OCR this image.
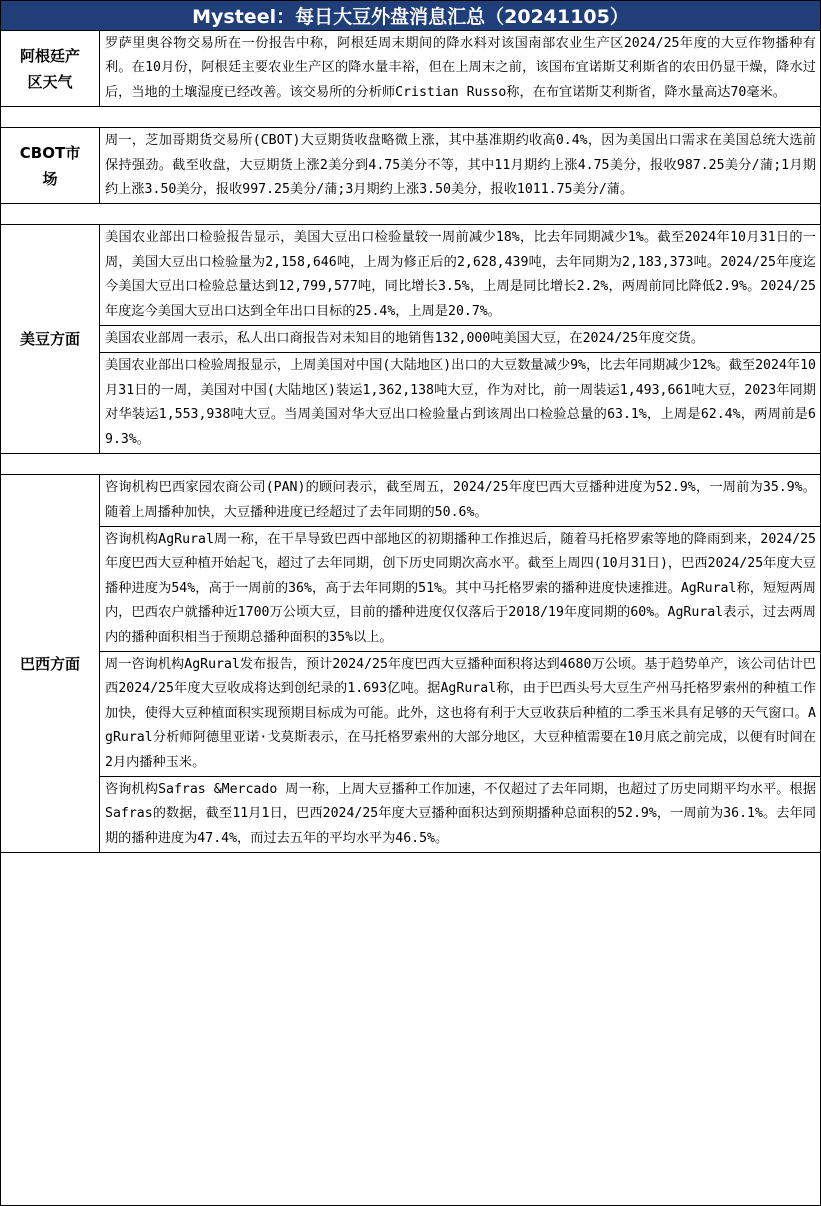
Mysteel：每日大豆外盘消息汇总（20241105）
阿根廷产区天气	罗萨里奥谷物交易所在一份报告中称，阿根廷周末期间的降水料对该国南部农业生产区2024/25年度的大豆作物播种有利。在10月份，阿根廷主要农业生产区的降水量丰裕，但在上周末之前，该国布宜诺斯艾利斯省的农田仍显干燥，降水过后，当地的土壤湿度已经改善。该交易所的分析师Cristian Russo称，在布宜诺斯艾利斯省，降水量高达70毫米。

CBOT市场	周一，芝加哥期货交易所(CBOT)大豆期货收盘略微上涨，其中基准期约收高0.4%，因为美国出口需求在美国总统大选前保持强劲。截至收盘，大豆期货上涨2美分到4.75美分不等，其中11月期约上涨4.75美分，报收987.25美分/蒲;1月期约上涨3.50美分，报收997.25美分/蒲;3月期约上涨3.50美分，报收1011.75美分/蒲。

美豆方面	美国农业部出口检验报告显示，美国大豆出口检验量较一周前减少18%，比去年同期减少1%。截至2024年10月31日的一周，美国大豆出口检验量为2,158,646吨，上周为修正后的2,628,439吨，去年同期为2,183,373吨。2024/25年度迄今美国大豆出口检验总量达到12,799,577吨，同比增长3.5%，上周是同比增长2.2%，两周前同比降低2.9%。2024/25年度迄今美国大豆出口达到全年出口目标的25.4%，上周是20.7%。
	美国农业部周一表示，私人出口商报告对未知目的地销售132,000吨美国大豆，在2024/25年度交货。
	美国农业部出口检验周报显示，上周美国对中国(大陆地区)出口的大豆数量减少9%，比去年同期减少12%。截至2024年10月31日的一周，美国对中国(大陆地区)装运1,362,138吨大豆，作为对比，前一周装运1,493,661吨大豆，2023年同期对华装运1,553,938吨大豆。当周美国对华大豆出口检验量占到该周出口检验总量的63.1%，上周是62.4%，两周前是69.3%。

巴西方面	咨询机构巴西家园农商公司(PAN)的顾问表示，截至周五，2024/25年度巴西大豆播种进度为52.9%，一周前为35.9%。随着上周播种加快，大豆播种进度已经超过了去年同期的50.6%。
	咨询机构AgRural周一称，在干旱导致巴西中部地区的初期播种工作推迟后，随着马托格罗索等地的降雨到来，2024/25年度巴西大豆种植开始起飞，超过了去年同期，创下历史同期次高水平。截至上周四(10月31日)，巴西2024/25年度大豆播种进度为54%，高于一周前的36%，高于去年同期的51%。其中马托格罗索的播种进度快速推进。AgRural称，短短两周内，巴西农户就播种近1700万公顷大豆，目前的播种进度仅仅落后于2018/19年度同期的60%。AgRural表示，过去两周内的播种面积相当于预期总播种面积的35%以上。
	周一咨询机构AgRural发布报告，预计2024/25年度巴西大豆播种面积将达到4680万公顷。基于趋势单产，该公司估计巴西2024/25年度大豆收成将达到创纪录的1.693亿吨。据AgRural称，由于巴西头号大豆生产州马托格罗索州的种植工作加快，使得大豆种植面积实现预期目标成为可能。此外，这也将有利于大豆收获后种植的二季玉米具有足够的天气窗口。AgRural分析师阿德里亚诺·戈莫斯表示，在马托格罗索州的大部分地区，大豆种植需要在10月底之前完成，以便有时间在2月内播种玉米。
	咨询机构Safras &Mercado 周一称，上周大豆播种工作加速，不仅超过了去年同期，也超过了历史同期平均水平。根据Safras的数据，截至11月1日，巴西2024/25年度大豆播种面积达到预期播种总面积的52.9%，一周前为36.1%。去年同期的播种进度为47.4%，而过去五年的平均水平为46.5%。
